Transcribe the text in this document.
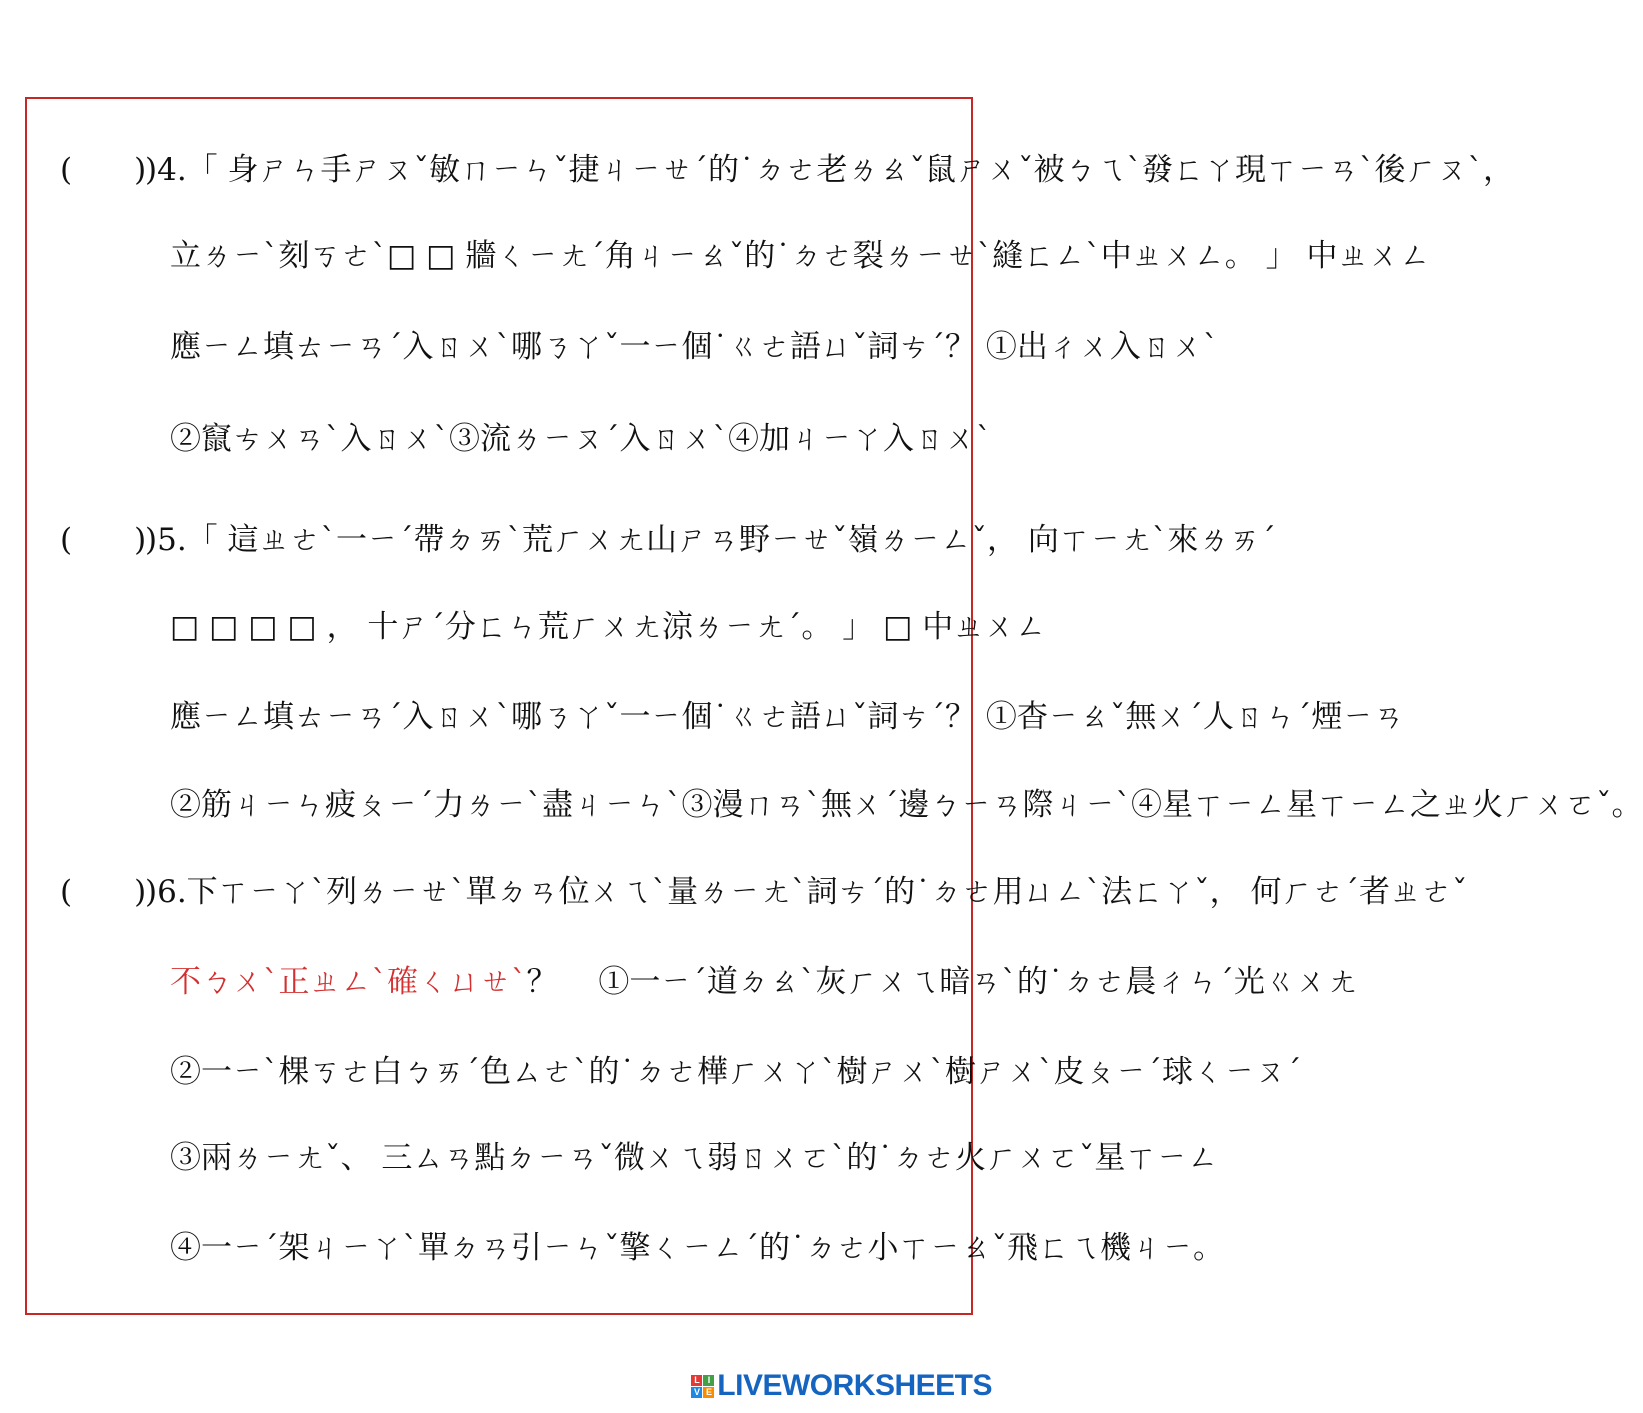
(　　)
)4.「 身ㄕㄣ手ㄕㄡˇ敏ㄇㄧㄣˇ捷ㄐㄧㄝˊ的˙ㄉㄜ老ㄌㄠˇ鼠ㄕㄨˇ被ㄅㄟˋ發ㄈㄚ現ㄒㄧㄢˋ後ㄏㄡˋ，
立ㄌㄧˋ刻ㄎㄜˋ□ □ 牆ㄑㄧㄤˊ角ㄐㄧㄠˇ的˙ㄉㄜ裂ㄌㄧㄝˋ縫ㄈㄥˋ中ㄓㄨㄥ。 」 中ㄓㄨㄥ
應ㄧㄥ填ㄊㄧㄢˊ入ㄖㄨˋ哪ㄋㄚˇ一ㄧ個˙ㄍㄜ語ㄩˇ詞ㄘˊ？ ①出ㄔㄨ入ㄖㄨˋ
②竄ㄘㄨㄢˋ入ㄖㄨˋ③流ㄌㄧㄡˊ入ㄖㄨˋ④加ㄐㄧㄚ入ㄖㄨˋ
(　　)
)5.「 這ㄓㄜˋ一ㄧˊ帶ㄉㄞˋ荒ㄏㄨㄤ山ㄕㄢ野ㄧㄝˇ嶺ㄌㄧㄥˇ， 向ㄒㄧㄤˋ來ㄌㄞˊ
□ □ □ □ ， 十ㄕˊ分ㄈㄣ荒ㄏㄨㄤ涼ㄌㄧㄤˊ。 」 □ 中ㄓㄨㄥ
應ㄧㄥ填ㄊㄧㄢˊ入ㄖㄨˋ哪ㄋㄚˇ一ㄧ個˙ㄍㄜ語ㄩˇ詞ㄘˊ？ ①杳ㄧㄠˇ無ㄨˊ人ㄖㄣˊ煙ㄧㄢ
②筋ㄐㄧㄣ疲ㄆㄧˊ力ㄌㄧˋ盡ㄐㄧㄣˋ③漫ㄇㄢˋ無ㄨˊ邊ㄅㄧㄢ際ㄐㄧˋ④星ㄒㄧㄥ星ㄒㄧㄥ之ㄓ火ㄏㄨㄛˇ。
(　　)
)6.下ㄒㄧㄚˋ列ㄌㄧㄝˋ單ㄉㄢ位ㄨㄟˋ量ㄌㄧㄤˋ詞ㄘˊ的˙ㄉㄜ用ㄩㄥˋ法ㄈㄚˇ， 何ㄏㄜˊ者ㄓㄜˇ
不ㄅㄨˋ正ㄓㄥˋ確ㄑㄩㄝˋ？　 ①一ㄧˊ道ㄉㄠˋ灰ㄏㄨㄟ暗ㄢˋ的˙ㄉㄜ晨ㄔㄣˊ光ㄍㄨㄤ
②一ㄧˋ棵ㄎㄜ白ㄅㄞˊ色ㄙㄜˋ的˙ㄉㄜ樺ㄏㄨㄚˋ樹ㄕㄨˋ樹ㄕㄨˋ皮ㄆㄧˊ球ㄑㄧㄡˊ
③兩ㄌㄧㄤˇ、 三ㄙㄢ點ㄉㄧㄢˇ微ㄨㄟ弱ㄖㄨㄛˋ的˙ㄉㄜ火ㄏㄨㄛˇ星ㄒㄧㄥ
④一ㄧˊ架ㄐㄧㄚˋ單ㄉㄢ引ㄧㄣˇ擎ㄑㄧㄥˊ的˙ㄉㄜ小ㄒㄧㄠˇ飛ㄈㄟ機ㄐㄧ。
L I
V E LIVEWORKSHEETS
